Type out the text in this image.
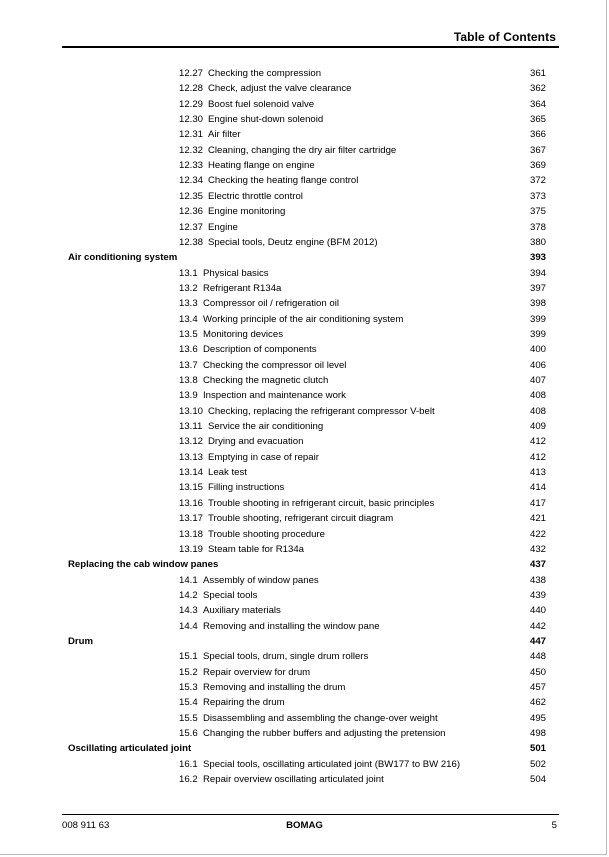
Table of Contents
12.27 Checking the compression	361
12.28 Check, adjust the valve clearance	362
12.29 Boost fuel solenoid valve	364
12.30 Engine shut-down solenoid	365
12.31 Air filter	366
12.32 Cleaning, changing the dry air filter cartridge	367
12.33 Heating flange on engine	369
12.34 Checking the heating flange control	372
12.35 Electric throttle control	373
12.36 Engine monitoring	375
12.37 Engine	378
12.38 Special tools, Deutz engine (BFM 2012)	380
Air conditioning system	393
13.1 Physical basics	394
13.2 Refrigerant R134a	397
13.3 Compressor oil / refrigeration oil	398
13.4 Working principle of the air conditioning system	399
13.5 Monitoring devices	399
13.6 Description of components	400
13.7 Checking the compressor oil level	406
13.8 Checking the magnetic clutch	407
13.9 Inspection and maintenance work	408
13.10 Checking, replacing the refrigerant compressor V-belt	408
13.11 Service the air conditioning	409
13.12 Drying and evacuation	412
13.13 Emptying in case of repair	412
13.14 Leak test	413
13.15 Filling instructions	414
13.16 Trouble shooting in refrigerant circuit, basic principles	417
13.17 Trouble shooting, refrigerant circuit diagram	421
13.18 Trouble shooting procedure	422
13.19 Steam table for R134a	432
Replacing the cab window panes	437
14.1 Assembly of window panes	438
14.2 Special tools	439
14.3 Auxiliary materials	440
14.4 Removing and installing the window pane	442
Drum	447
15.1 Special tools, drum, single drum rollers	448
15.2 Repair overview for drum	450
15.3 Removing and installing the drum	457
15.4 Repairing the drum	462
15.5 Disassembling and assembling the change-over weight	495
15.6 Changing the rubber buffers and adjusting the pretension	498
Oscillating articulated joint	501
16.1 Special tools, oscillating articulated joint (BW177 to BW 216)	502
16.2 Repair overview oscillating articulated joint	504
008 911 63	BOMAG	5
